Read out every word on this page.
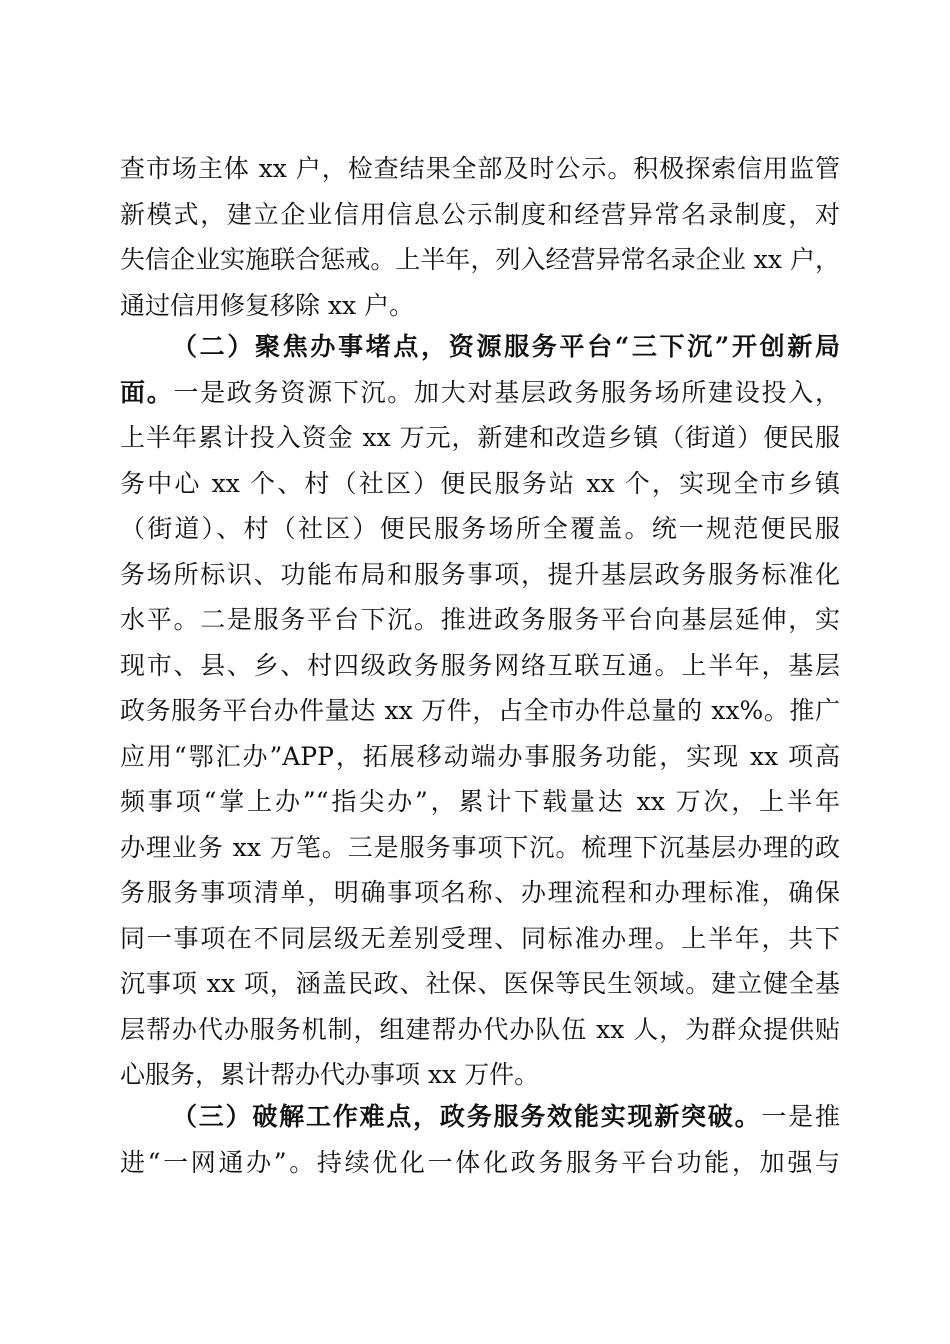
查市场主体 xx 户，检查结果全部及时公示。积极探索信用监管
新模式，建立企业信用信息公示制度和经营异常名录制度，对
失信企业实施联合惩戒。上半年，列入经营异常名录企业 xx 户，
通过信用修复移除 xx 户。
（二）聚焦办事堵点，资源服务平台“三下沉”开创新局
面。一是政务资源下沉。加大对基层政务服务场所建设投入，
上半年累计投入资金 xx 万元，新建和改造乡镇（街道）便民服
务中心 xx 个、村（社区）便民服务站 xx 个，实现全市乡镇
（街道）、村（社区）便民服务场所全覆盖。统一规范便民服
务场所标识、功能布局和服务事项，提升基层政务服务标准化
水平。二是服务平台下沉。推进政务服务平台向基层延伸，实
现市、县、乡、村四级政务服务网络互联互通。上半年，基层
政务服务平台办件量达 xx 万件，占全市办件总量的 xx%。推广
应用“鄂汇办”APP，拓展移动端办事服务功能，实现 xx 项高
频事项“掌上办”“指尖办”，累计下载量达 xx 万次，上半年
办理业务 xx 万笔。三是服务事项下沉。梳理下沉基层办理的政
务服务事项清单，明确事项名称、办理流程和办理标准，确保
同一事项在不同层级无差别受理、同标准办理。上半年，共下
沉事项 xx 项，涵盖民政、社保、医保等民生领域。建立健全基
层帮办代办服务机制，组建帮办代办队伍 xx 人，为群众提供贴
心服务，累计帮办代办事项 xx 万件。
（三）破解工作难点，政务服务效能实现新突破。一是推
进“一网通办”。持续优化一体化政务服务平台功能，加强与
